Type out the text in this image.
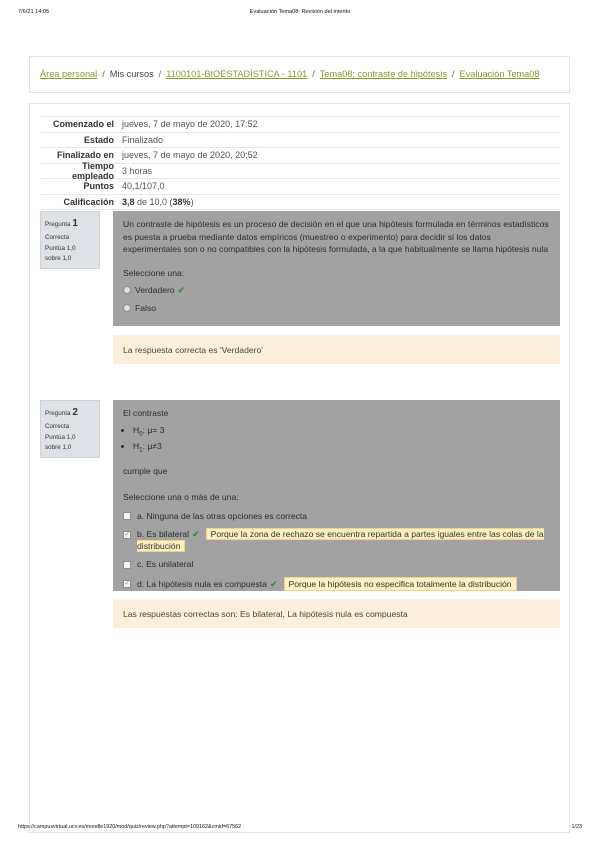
7/6/21 14:05	Evaluación Tema08: Revisión del intento
Área personal / Mis cursos / 1100101-BIOESTADÍSTICA - 1101 / Tema08: contraste de hipótesis / Evaluación Tema08
Comenzado el jueves, 7 de mayo de 2020, 17:52
Estado Finalizado
Finalizado en jueves, 7 de mayo de 2020, 20:52
Tiempo empleado 3 horas
Puntos 40,1/107,0
Calificación 3,8 de 10,0 (38%)
Pregunta 1
Correcta
Puntúa 1,0
sobre 1,0
Un contraste de hipótesis es un proceso de decisión en el que una hipótesis formulada en términos estadísticos es puesta a prueba mediante datos empíricos (muestreo o experimento) para decidir si los datos experimentales son o no compatibles con la hipótesis formulada, a la que habitualmente se llama hipótesis nula
Seleccione una:
Verdadero ✔
Falso
La respuesta correcta es 'Verdadero'
Pregunta 2
Correcta
Puntúa 1,0
sobre 1,0
El contraste
• $H_0$: μ= 3
• $H_1$: μ≠3
cumple que
Seleccione una o más de una:
a. Ninguna de las otras opciones es correcta
✓ b. Es bilateral ✔ Porque la zona de rechazo se encuentra repartida a partes iguales entre las colas de la distribución
c. Es unilateral
✓ d. La hipótesis nula es compuesta ✔	Porque la hipótesis no especifica totalmente la distribución
Las respuestas correctas son: Es bilateral, La hipótesis nula es compuesta
https://campusvirtual.ucv.es/moodle1920/mod/quiz/review.php?attempt=109162&cmid=67562	1/23
